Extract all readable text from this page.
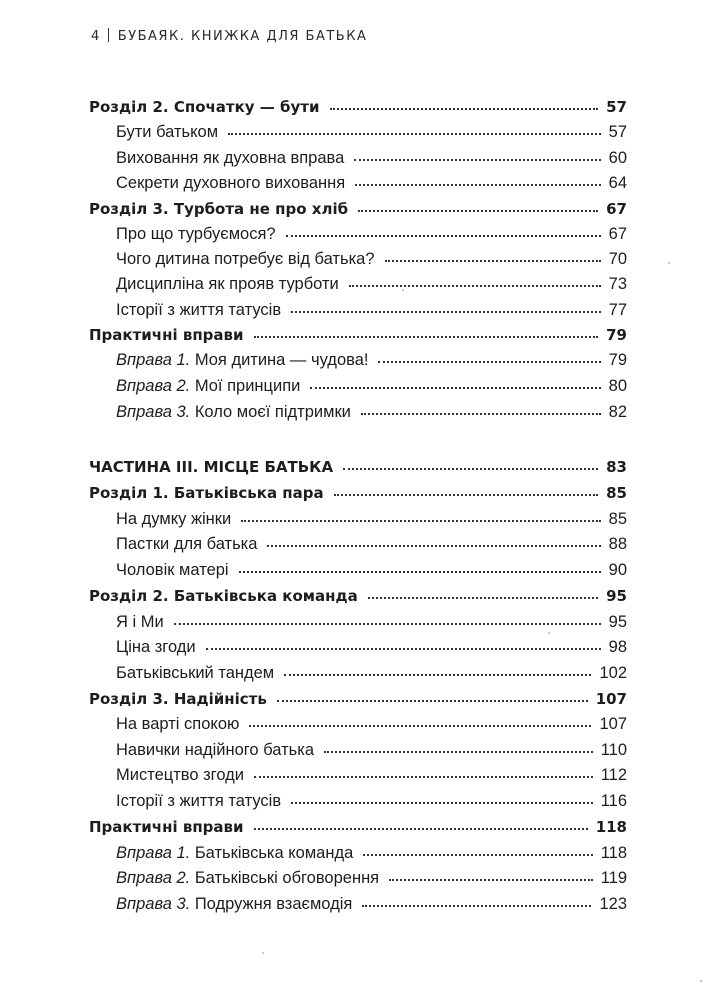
4 БУБАЯК. КНИЖКА ДЛЯ БАТЬКА
Розділ 2. Спочатку — бути	57
Бути батьком	57
Виховання як духовна вправа	60
Секрети духовного виховання	64
Розділ 3. Турбота не про хліб	67
Про що турбуємося?	67
Чого дитина потребує від батька?	70
Дисципліна як прояв турботи	73
Історії з життя татусів	77
Практичні вправи	79
Вправа 1. Моя дитина — чудова!	79
Вправа 2. Мої принципи	80
Вправа 3. Коло моєї підтримки	82
ЧАСТИНА III. МІСЦЕ БАТЬКА	83
Розділ 1. Батьківська пара	85
На думку жінки	85
Пастки для батька	88
Чоловік матері	90
Розділ 2. Батьківська команда	95
Я і Ми	95
Ціна згоди	98
Батьківський тандем	102
Розділ 3. Надійність	107
На варті спокою	107
Навички надійного батька	110
Мистецтво згоди	112
Історії з життя татусів	116
Практичні вправи	118
Вправа 1. Батьківська команда	118
Вправа 2. Батьківські обговорення	119
Вправа 3. Подружня взаємодія	123
